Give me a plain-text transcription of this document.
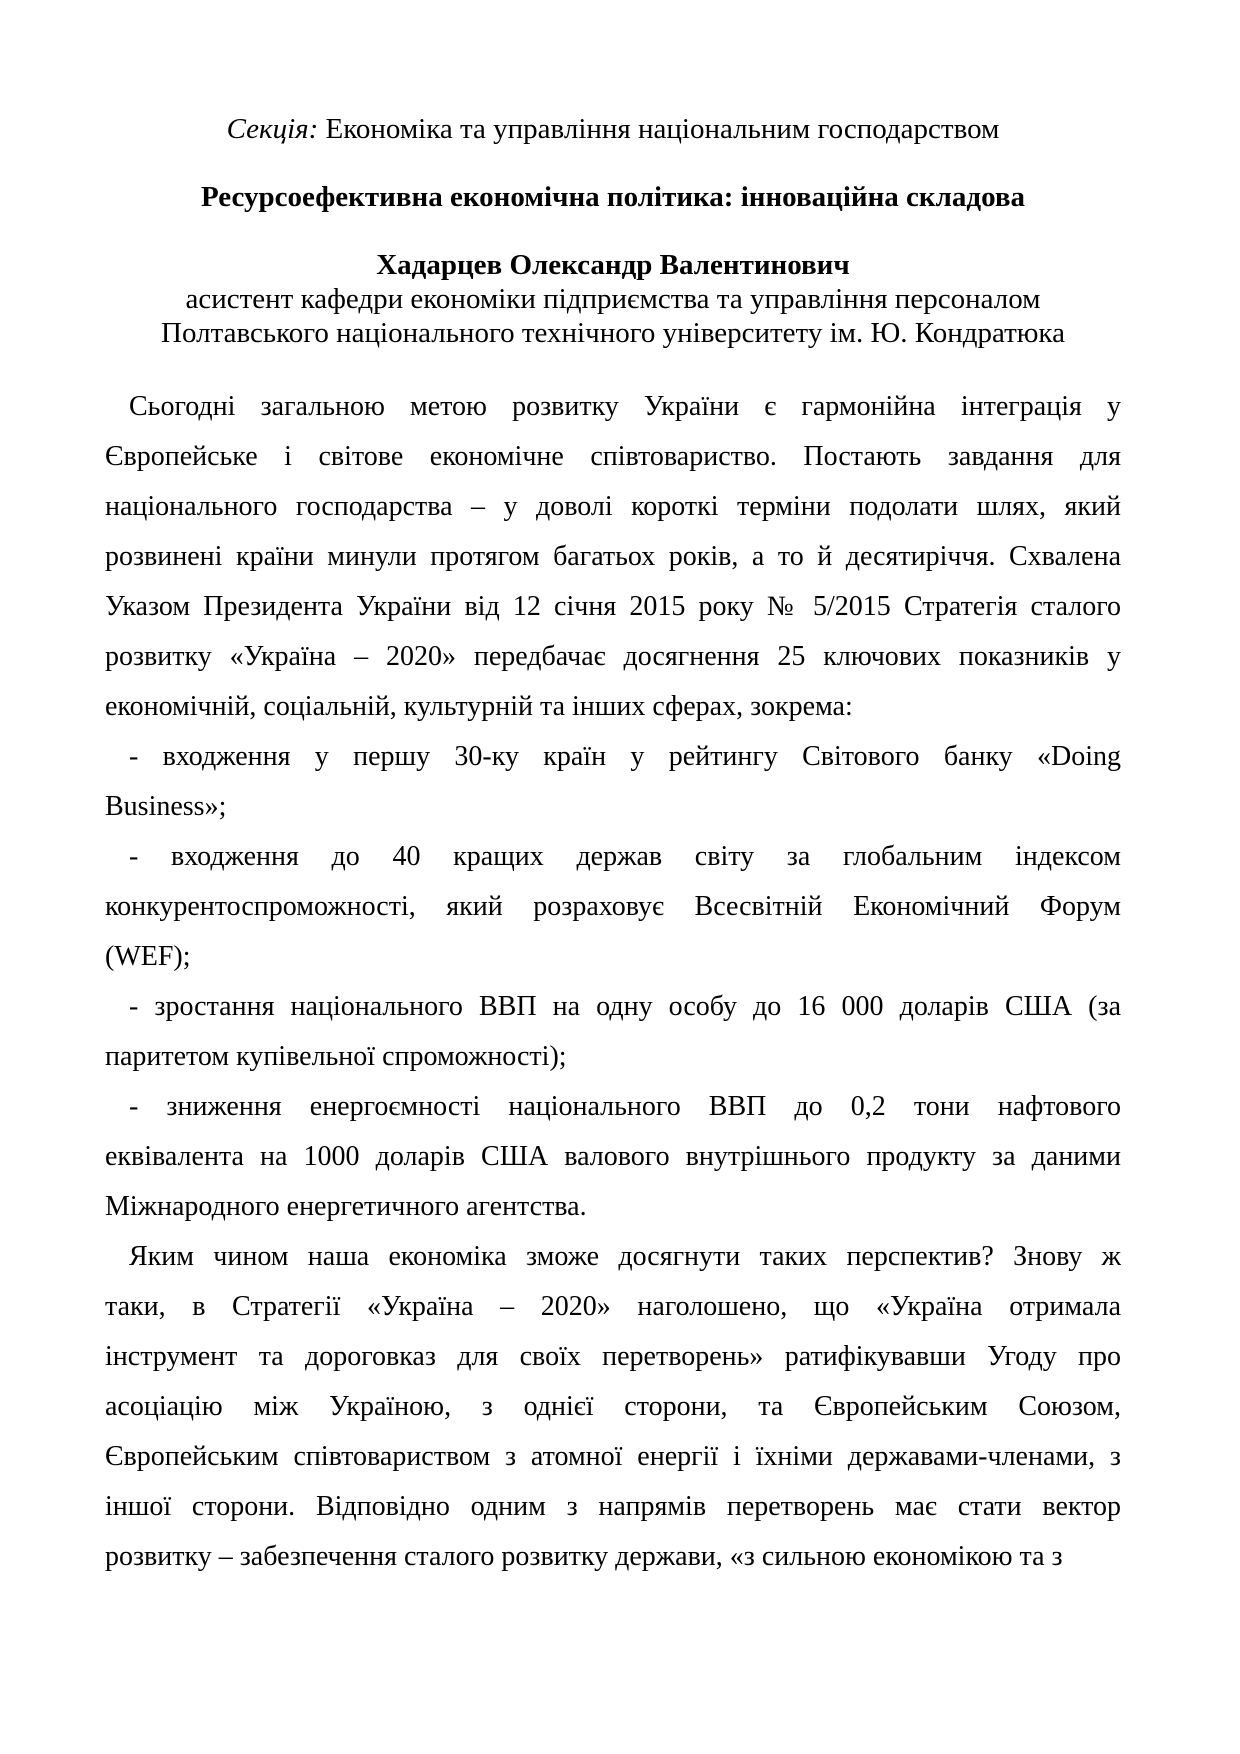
Секція: Економіка та управління національним господарством

Ресурсоефективна економічна політика: інноваційна складова

Хадарцев Олександр Валентинович

асистент кафедри економіки підприємства та управління персоналом

Полтавського національного технічного університету ім. Ю. Кондратюка

Сьогодні загальною метою розвитку України є гармонійна інтеграція у
Європейське і світове економічне співтовариство. Постають завдання для
національного господарства – у доволі короткі терміни подолати шлях, який
розвинені країни минули протягом багатьох років, а то й десятиріччя. Схвалена
Указом Президента України від 12 січня 2015 року № 5/2015 Стратегія сталого
розвитку «Україна – 2020» передбачає досягнення 25 ключових показників у
економічній, соціальній, культурній та інших сферах, зокрема:
- входження у першу 30-ку країн у рейтингу Світового банку «Doing
Business»;
- входження до 40 кращих держав світу за глобальним індексом
конкурентоспроможності, який розраховує Всесвітній Економічний Форум
(WEF);
- зростання національного ВВП на одну особу до 16 000 доларів США (за
паритетом купівельної спроможності);
- зниження енергоємності національного ВВП до 0,2 тони нафтового
еквівалента на 1000 доларів США валового внутрішнього продукту за даними
Міжнародного енергетичного агентства.
Яким чином наша економіка зможе досягнути таких перспектив? Знову ж
таки, в Стратегії «Україна – 2020» наголошено, що «Україна отримала
інструмент та дороговказ для своїх перетворень» ратифікувавши Угоду про
асоціацію між Україною, з однієї сторони, та Європейським Союзом,
Європейським співтовариством з атомної енергії і їхніми державами-членами, з
іншої сторони. Відповідно одним з напрямів перетворень має стати вектор
розвитку – забезпечення сталого розвитку держави, «з сильною економікою та з
